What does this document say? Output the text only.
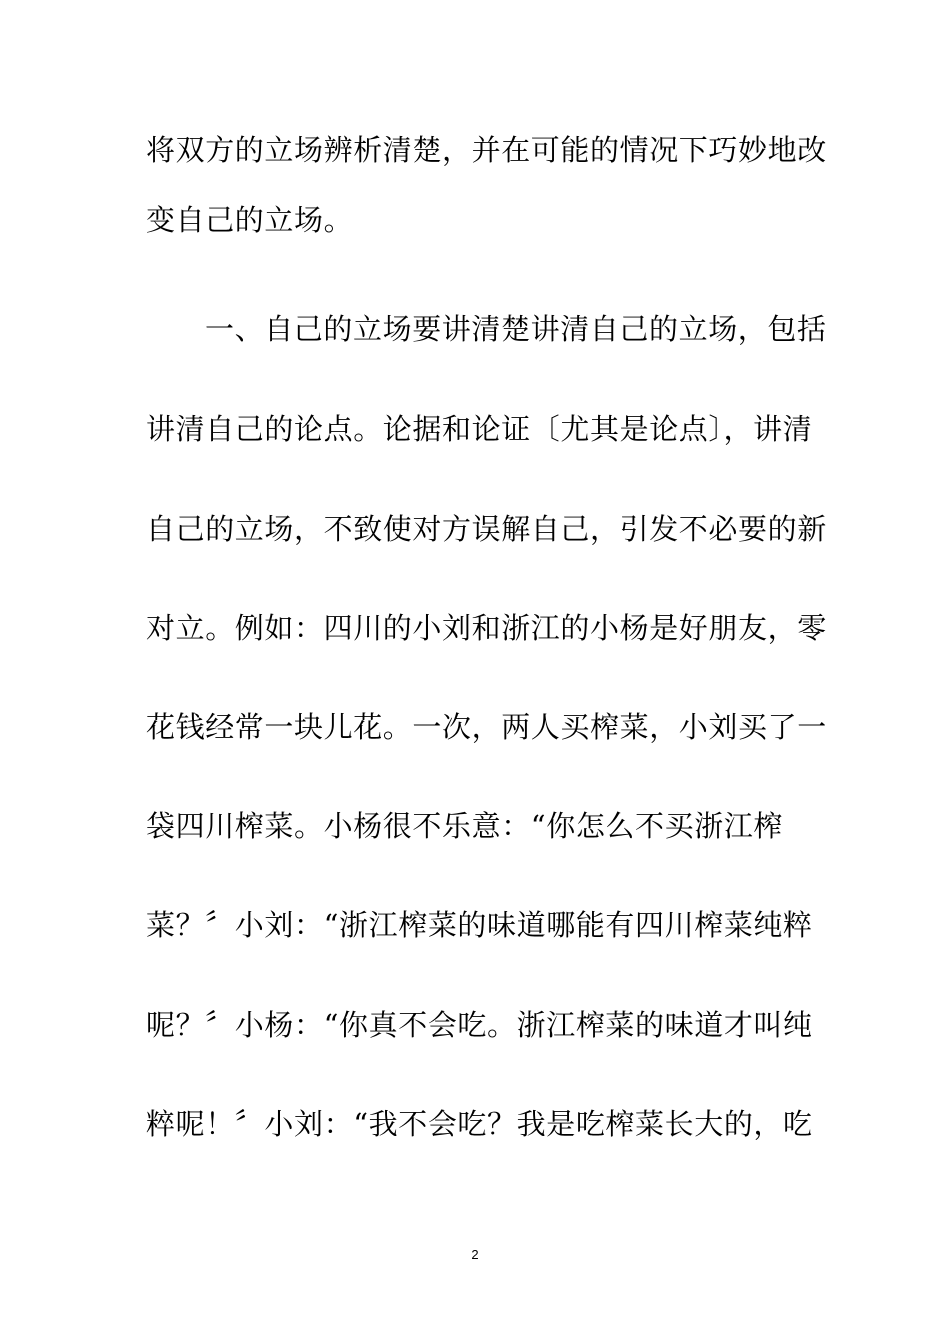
将双方的立场辨析清楚，并在可能的情况下巧妙地改
变自己的立场。
一、自己的立场要讲清楚讲清自己的立场，包括
讲清自己的论点。论据和论证〔尤其是论点〕，讲清
自己的立场，不致使对方误解自己，引发不必要的新
对立。例如：四川的小刘和浙江的小杨是好朋友，零
花钱经常一块儿花。一次，两人买榨菜，小刘买了一
袋四川榨菜。小杨很不乐意：“你怎么不买浙江榨
菜？〞小刘：“浙江榨菜的味道哪能有四川榨菜纯粹
呢？〞小杨：“你真不会吃。浙江榨菜的味道才叫纯
粹呢！〞小刘：“我不会吃？我是吃榨菜长大的，吃
2
